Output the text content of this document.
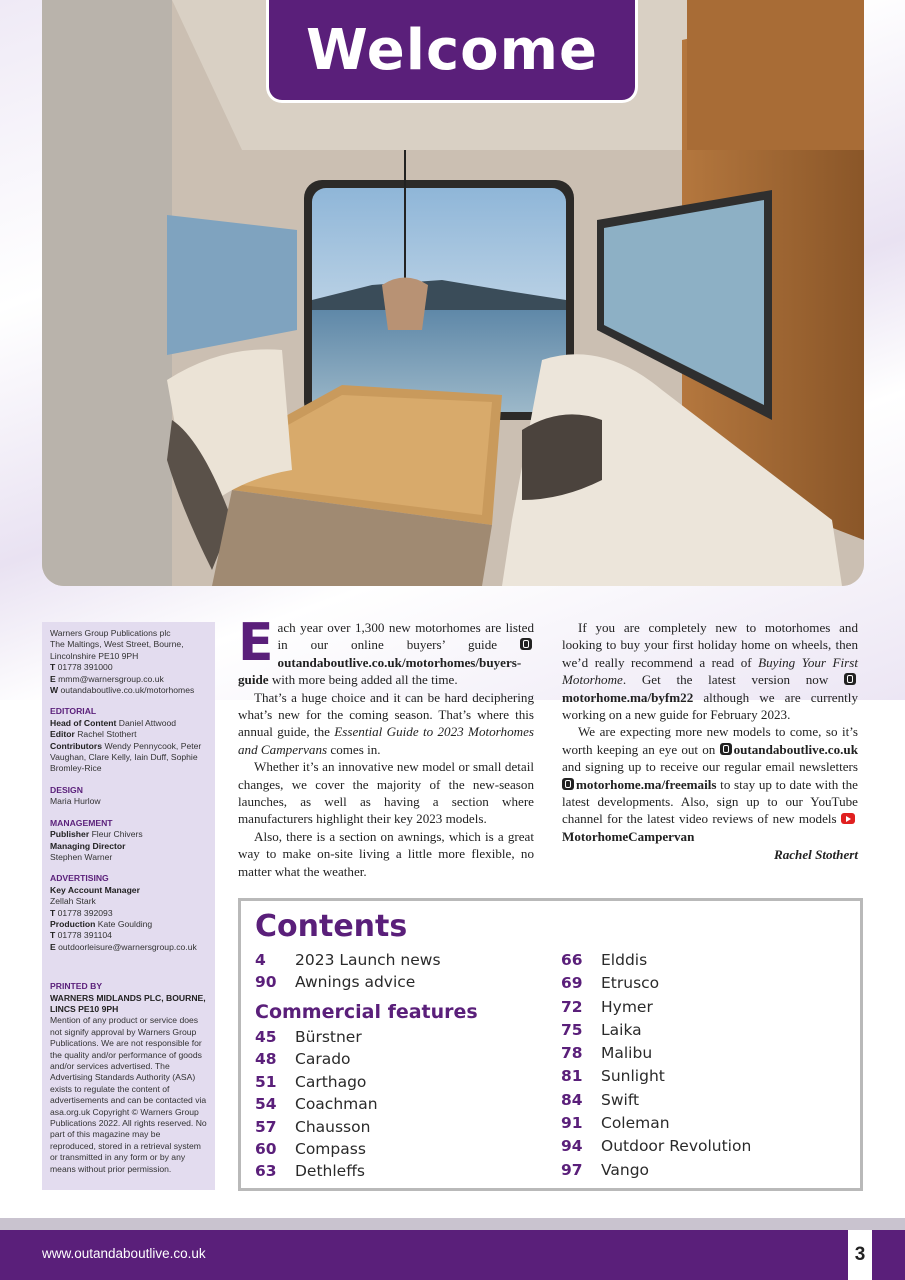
Welcome
Warners Group Publications plc
The Maltings, West Street, Bourne,
Lincolnshire PE10 9PH
T 01778 391000
E mmm@warnersgroup.co.uk
W outandaboutlive.co.uk/motorhomes
EDITORIAL
Head of Content Daniel Attwood
Editor Rachel Stothert
Contributors Wendy Pennycook, Peter Vaughan, Clare Kelly, Iain Duff, Sophie Bromley-Rice
DESIGN
Maria Hurlow
MANAGEMENT
Publisher Fleur Chivers
Managing Director
Stephen Warner
ADVERTISING
Key Account Manager
Zellah Stark
T 01778 392093
Production Kate Goulding
T 01778 391104
E outdoorleisure@warnersgroup.co.uk
PRINTED BY
WARNERS MIDLANDS PLC, BOURNE, LINCS PE10 9PH
Mention of any product or service does not signify approval by Warners Group Publications. We are not responsible for the quality and/or performance of goods and/or services advertised. The Advertising Standards Authority (ASA) exists to regulate the content of advertisements and can be contacted via asa.org.uk Copyright © Warners Group Publications 2022. All rights reserved. No part of this magazine may be reproduced, stored in a retrieval system or transmitted in any form or by any means without prior permission.

Each year over 1,300 new motorhomes are listed in our online buyers’ guide outandaboutlive.co.uk/motorhomes/buyers-guide with more being added all the time.

That’s a huge choice and it can be hard deciphering what’s new for the coming season. That’s where this annual guide, the Essential Guide to 2023 Motorhomes and Campervans comes in.

Whether it’s an innovative new model or small detail changes, we cover the majority of the new-season launches, as well as having a section where manufacturers highlight their key 2023 models.

Also, there is a section on awnings, which is a great way to make on-site living a little more flexible, no matter what the weather.

If you are completely new to motorhomes and looking to buy your first holiday home on wheels, then we’d really recommend a read of Buying Your First Motorhome. Get the latest version now motorhome.ma/byfm22 although we are currently working on a new guide for February 2023.

We are expecting more new models to come, so it’s worth keeping an eye out on outandaboutlive.co.uk and signing up to receive our regular email newsletters motorhome.ma/freemails to stay up to date with the latest developments. Also, sign up to our YouTube channel for the latest video reviews of new models MotorhomeCampervan

Rachel Stothert
Contents
4	2023 Launch news
90	Awnings advice
Commercial features
45	Bürstner
48	Carado
51	Carthago
54	Coachman
57	Chausson
60	Compass
63	Dethleffs
66	Elddis
69	Etrusco
72	Hymer
75	Laika
78	Malibu
81	Sunlight
84	Swift
91	Coleman
94	Outdoor Revolution
97	Vango
www.outandaboutlive.co.uk	3
